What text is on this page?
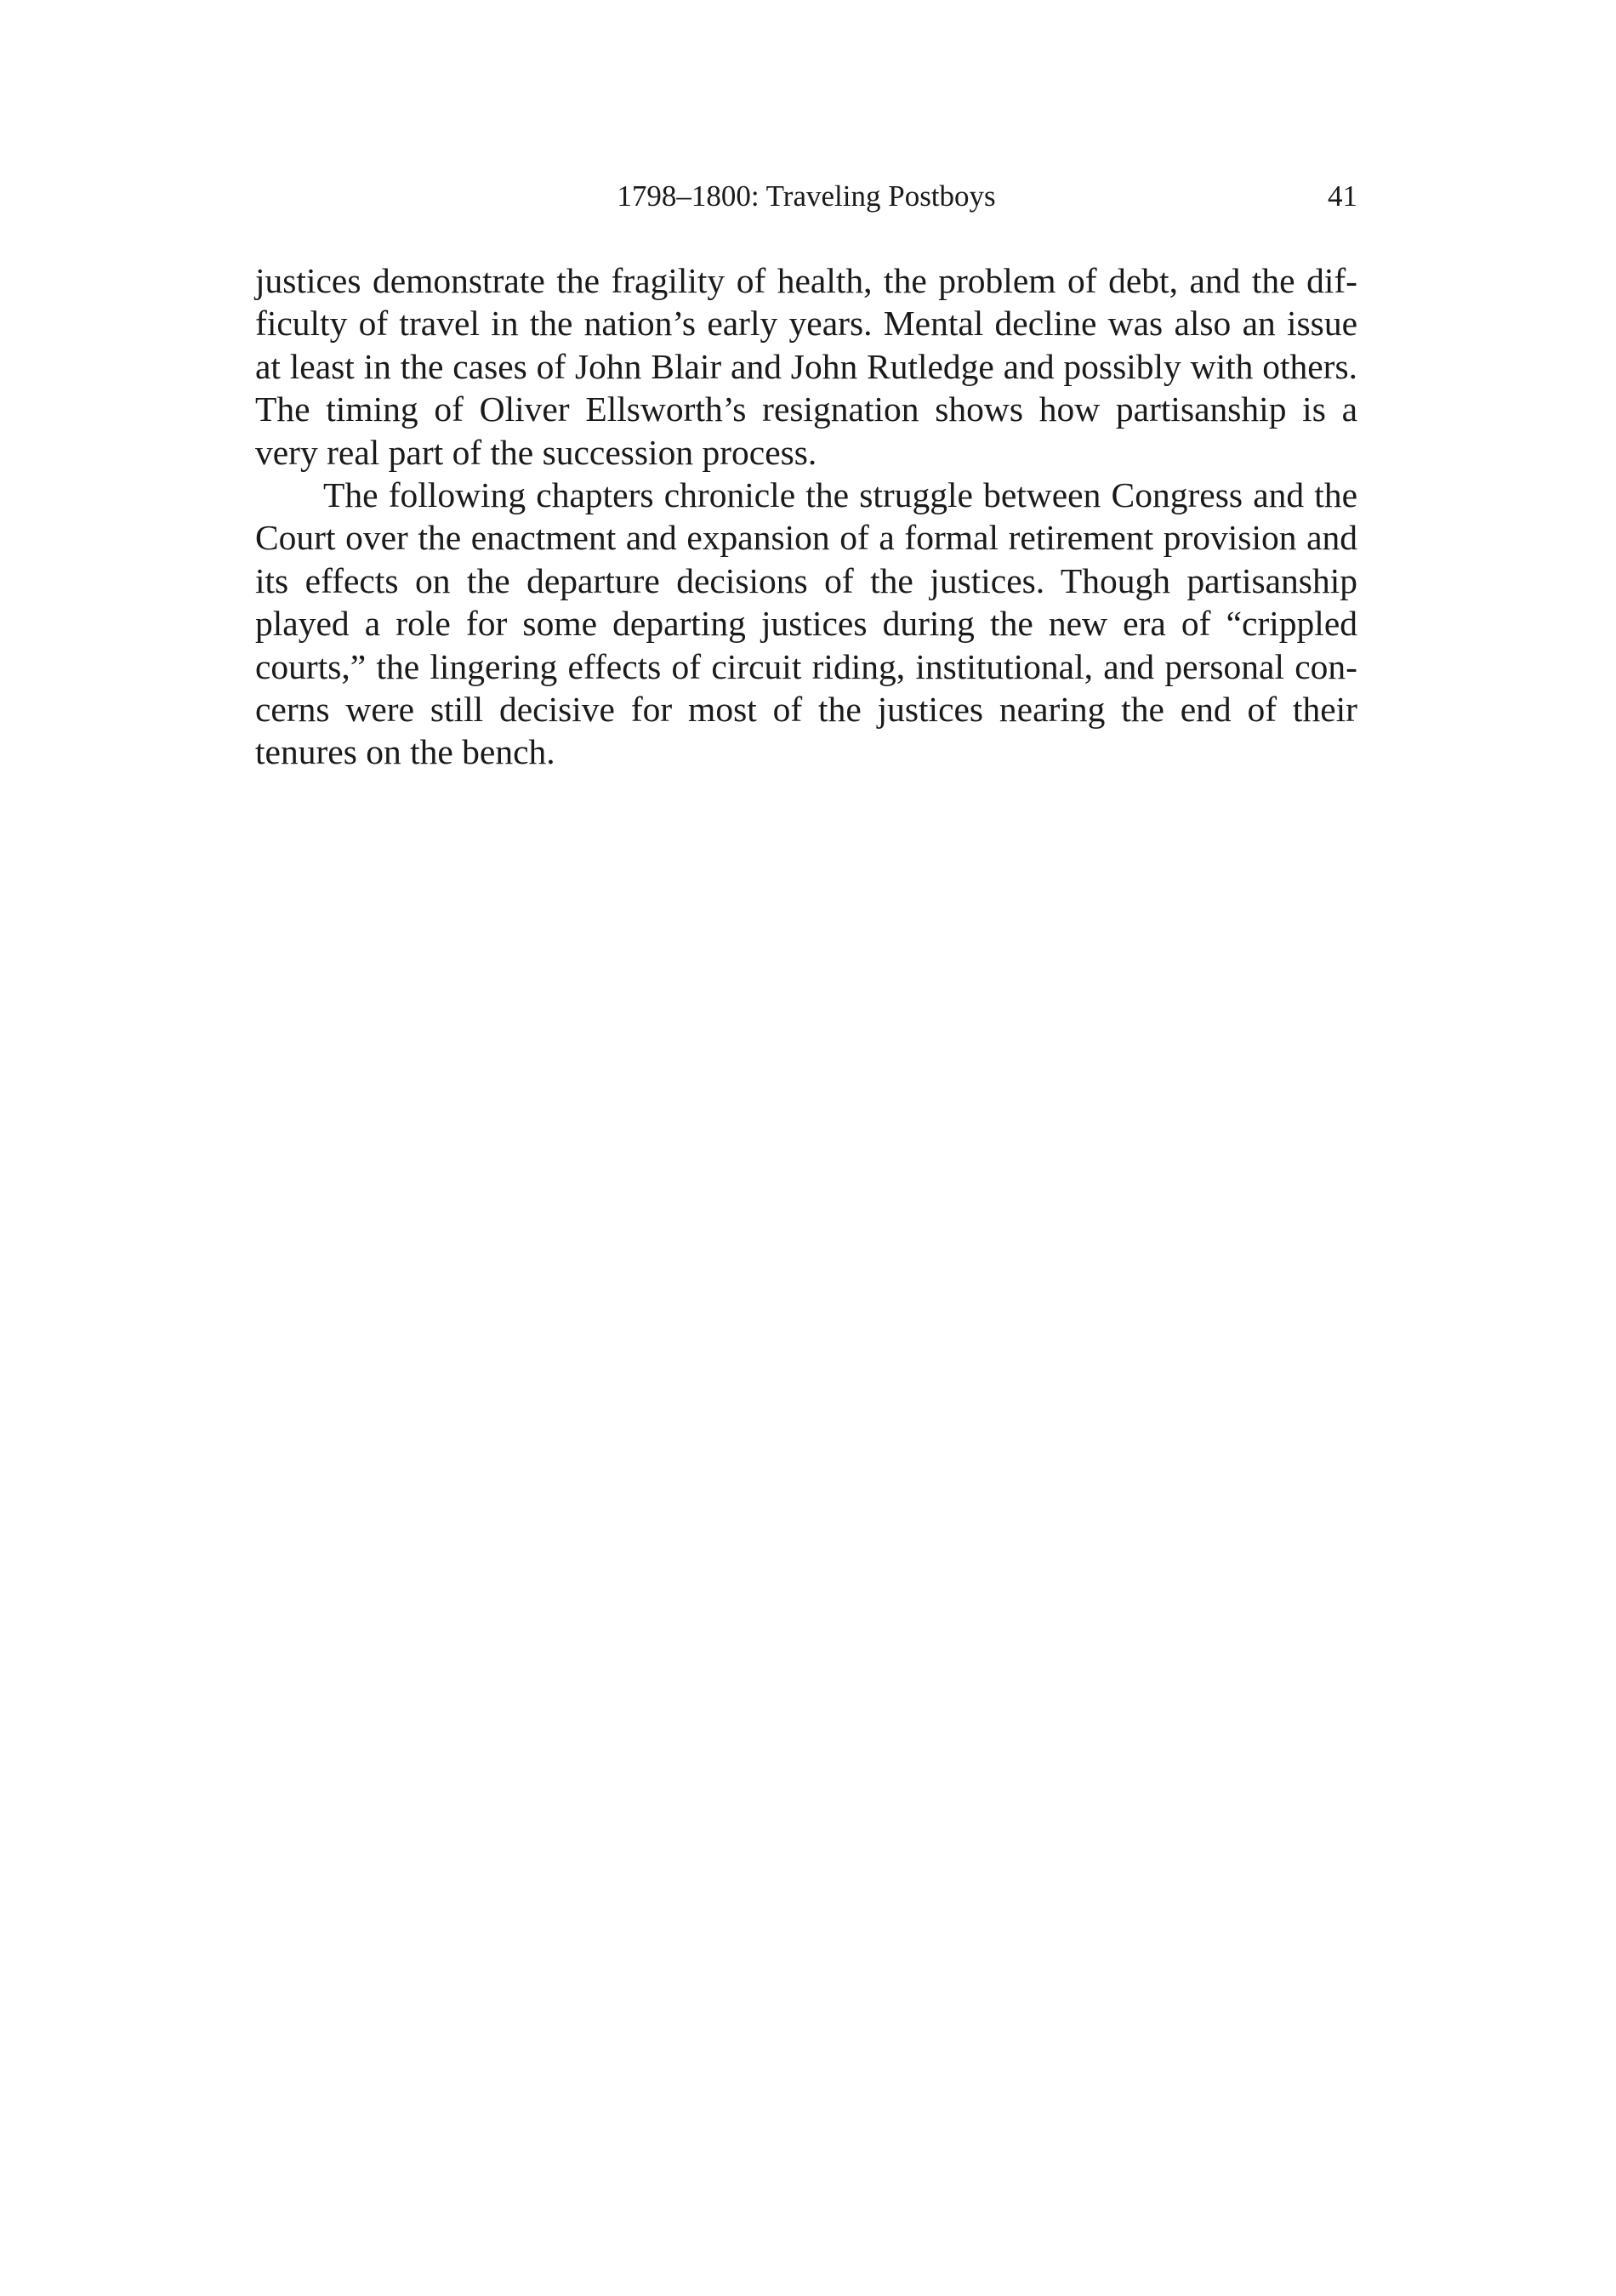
1798–1800: Traveling Postboys	41

justices demonstrate the fragility of health, the problem of debt, and the difficulty of travel in the nation’s early years. Mental decline was also an issue at least in the cases of John Blair and John Rutledge and possibly with others. The timing of Oliver Ellsworth’s resignation shows how partisanship is a very real part of the succession process.

The following chapters chronicle the struggle between Congress and the Court over the enactment and expansion of a formal retirement provision and its effects on the departure decisions of the justices. Though partisanship played a role for some departing justices during the new era of “crippled courts,” the lingering effects of circuit riding, institutional, and personal concerns were still decisive for most of the justices nearing the end of their tenures on the bench.
